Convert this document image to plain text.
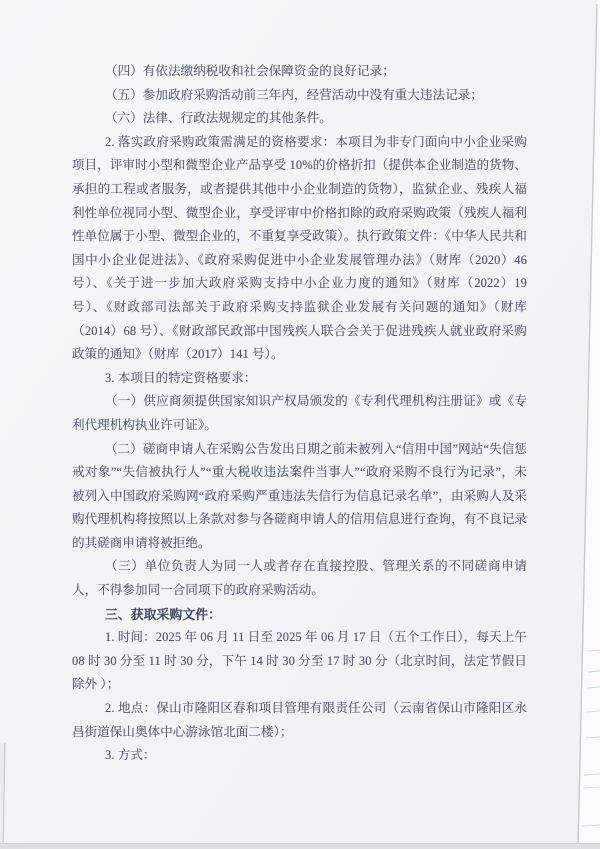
（四）有依法缴纳税收和社会保障资金的良好记录；

（五）参加政府采购活动前三年内，经营活动中没有重大违法记录；

（六）法律、行政法规规定的其他条件。

2. 落实政府采购政策需满足的资格要求：本项目为非专门面向中小企业采购项目，评审时小型和微型企业产品享受 10%的价格折扣（提供本企业制造的货物、承担的工程或者服务，或者提供其他中小企业制造的货物），监狱企业、残疾人福利性单位视同小型、微型企业，享受评审中价格扣除的政府采购政策（残疾人福利性单位属于小型、微型企业的，不重复享受政策）。执行政策文件：《中华人民共和国中小企业促进法》、《政府采购促进中小企业发展管理办法》（财库（2020）46 号）、《关于进一步加大政府采购支持中小企业力度的通知》（财库（2022）19 号）、《财政部司法部关于政府采购支持监狱企业发展有关问题的通知》（财库（2014）68 号）、《财政部民政部中国残疾人联合会关于促进残疾人就业政府采购政策的通知》（财库（2017）141 号）。

3. 本项目的特定资格要求：

（一）供应商须提供国家知识产权局颁发的《专利代理机构注册证》或《专利代理机构执业许可证》。

（二）磋商申请人在采购公告发出日期之前未被列入“信用中国”网站“失信惩戒对象”“失信被执行人”“重大税收违法案件当事人”“政府采购不良行为记录”，未被列入中国政府采购网“政府采购严重违法失信行为信息记录名单”，由采购人及采购代理机构将按照以上条款对参与各磋商申请人的信用信息进行查询，有不良记录的其磋商申请将被拒绝。

（三）单位负责人为同一人或者存在直接控股、管理关系的不同磋商申请人，不得参加同一合同项下的政府采购活动。

三、获取采购文件：

1. 时间：2025 年 06 月 11 日至 2025 年 06 月 17 日（五个工作日），每天上午 08 时 30 分至 11 时 30 分，下午 14 时 30 分至 17 时 30 分（北京时间，法定节假日除外 ）；

2. 地点：保山市隆阳区春和项目管理有限责任公司（云南省保山市隆阳区永昌街道保山奥体中心游泳馆北面二楼）；

3. 方式：
